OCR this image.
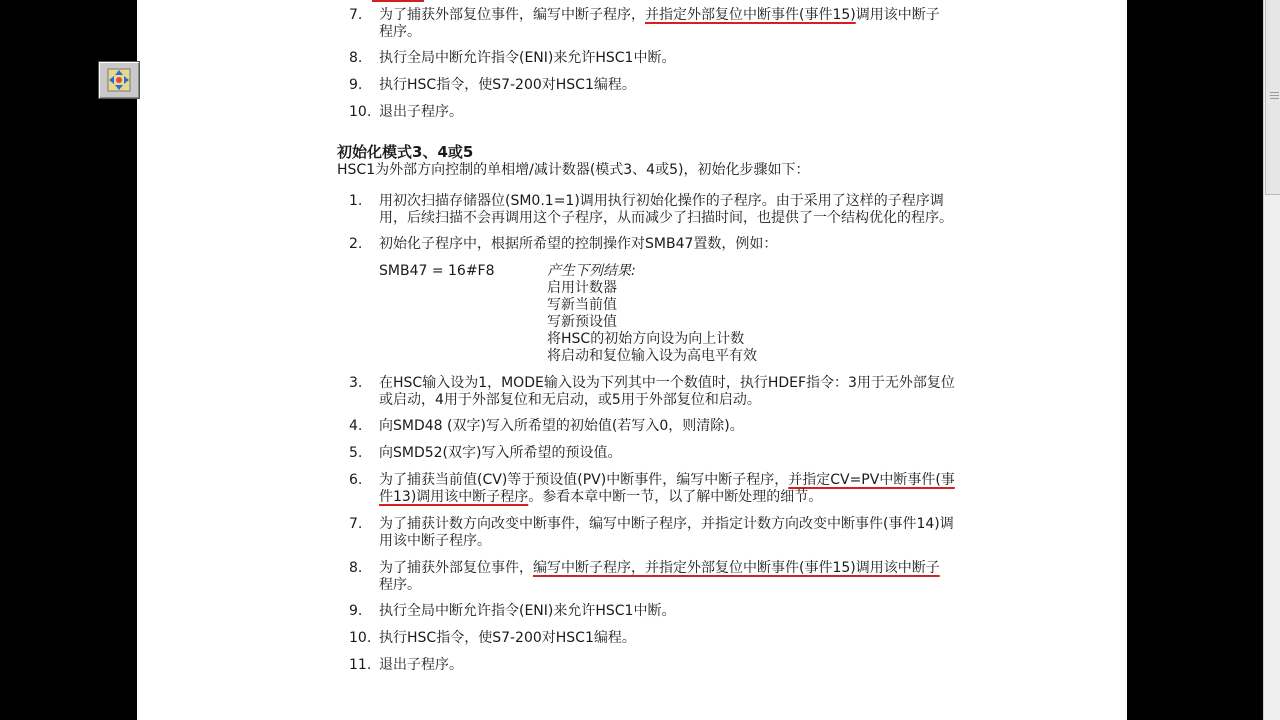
7.	为了捕获外部复位事件，编写中断子程序，并指定外部复位中断事件(事件15)调用该中断子
程序。
8.	执行全局中断允许指令(ENI)来允许HSC1中断。
9.	执行HSC指令，使S7-200对HSC1编程。
10. 退出子程序。
初始化模式3、4或5
HSC1为外部方向控制的单相增/减计数器(模式3、4或5)，初始化步骤如下：
1.	用初次扫描存储器位(SM0.1=1)调用执行初始化操作的子程序。由于采用了这样的子程序调
用，后续扫描不会再调用这个子程序，从而减少了扫描时间，也提供了一个结构优化的程序。
2.	初始化子程序中，根据所希望的控制操作对SMB47置数，例如：
SMB47 = 16#F8	产生下列结果:
启用计数器
写新当前值
写新预设值
将HSC的初始方向设为向上计数
将启动和复位输入设为高电平有效
3.	在HSC输入设为1，MODE输入设为下列其中一个数值时，执行HDEF指令：3用于无外部复位
或启动，4用于外部复位和无启动，或5用于外部复位和启动。
4.	向SMD48 (双字)写入所希望的初始值(若写入0，则清除)。
5.	向SMD52(双字)写入所希望的预设值。
6.	为了捕获当前值(CV)等于预设值(PV)中断事件，编写中断子程序，并指定CV=PV中断事件(事
件13)调用该中断子程序。参看本章中断一节，以了解中断处理的细节。
7.	为了捕获计数方向改变中断事件，编写中断子程序，并指定计数方向改变中断事件(事件14)调
用该中断子程序。
8.	为了捕获外部复位事件，编写中断子程序，并指定外部复位中断事件(事件15)调用该中断子
程序。
9.	执行全局中断允许指令(ENI)来允许HSC1中断。
10. 执行HSC指令，使S7-200对HSC1编程。
11. 退出子程序。
